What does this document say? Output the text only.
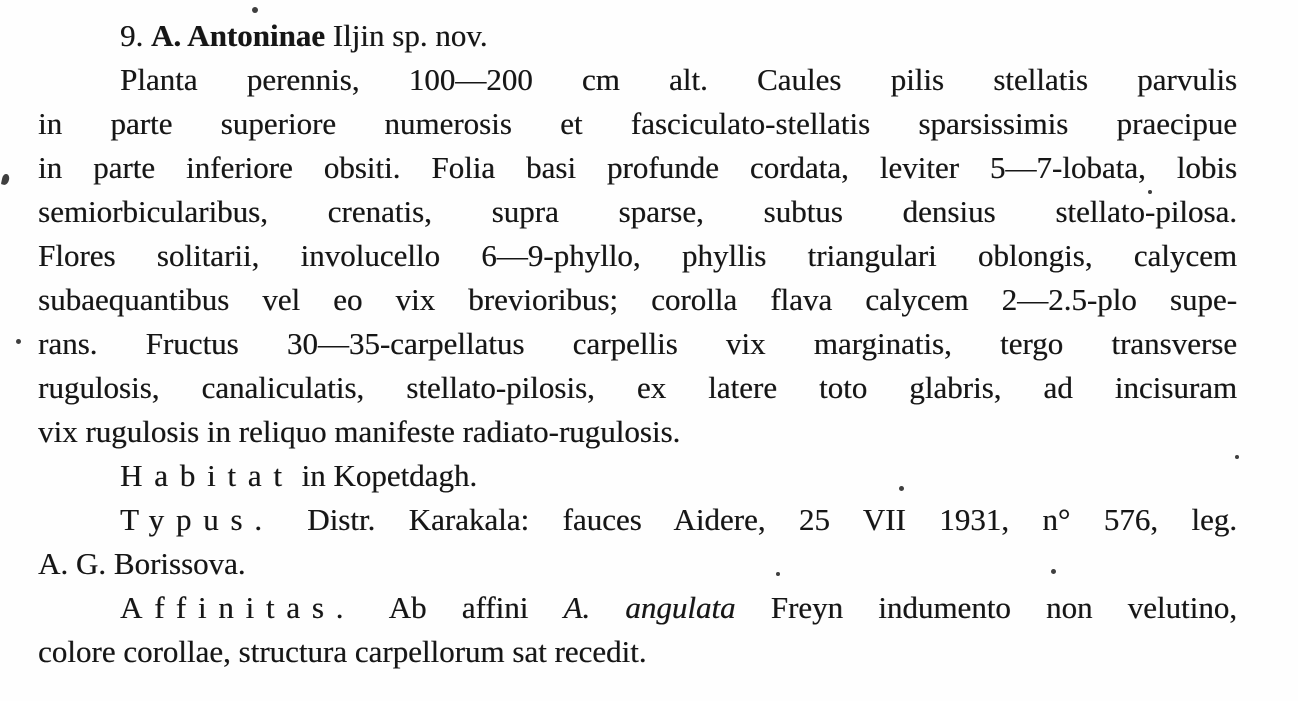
9. A. Antoninae Iljin sp. nov.
Planta perennis, 100—200 cm alt. Caules pilis stellatis parvulis
in parte superiore numerosis et fasciculato-stellatis sparsissimis praecipue
in parte inferiore obsiti. Folia basi profunde cordata, leviter 5—7-lobata, lobis
semiorbicularibus, crenatis, supra sparse, subtus densius stellato-pilosa.
Flores solitarii, involucello 6—9-phyllo, phyllis triangulari oblongis, calycem
subaequantibus vel eo vix brevioribus; corolla flava calycem 2—2.5-plo supe-
rans. Fructus 30—35-carpellatus carpellis vix marginatis, tergo transverse
rugulosis, canaliculatis, stellato-pilosis, ex latere toto glabris, ad incisuram
vix rugulosis in reliquo manifeste radiato-rugulosis.
Habitat in Kopetdagh.
Typus. Distr. Karakala: fauces Aidere, 25 VII 1931, n° 576, leg.
A. G. Borissova.
Affinitas. Ab affini A. angulata Freyn indumento non velutino,
colore corollae, structura carpellorum sat recedit.
